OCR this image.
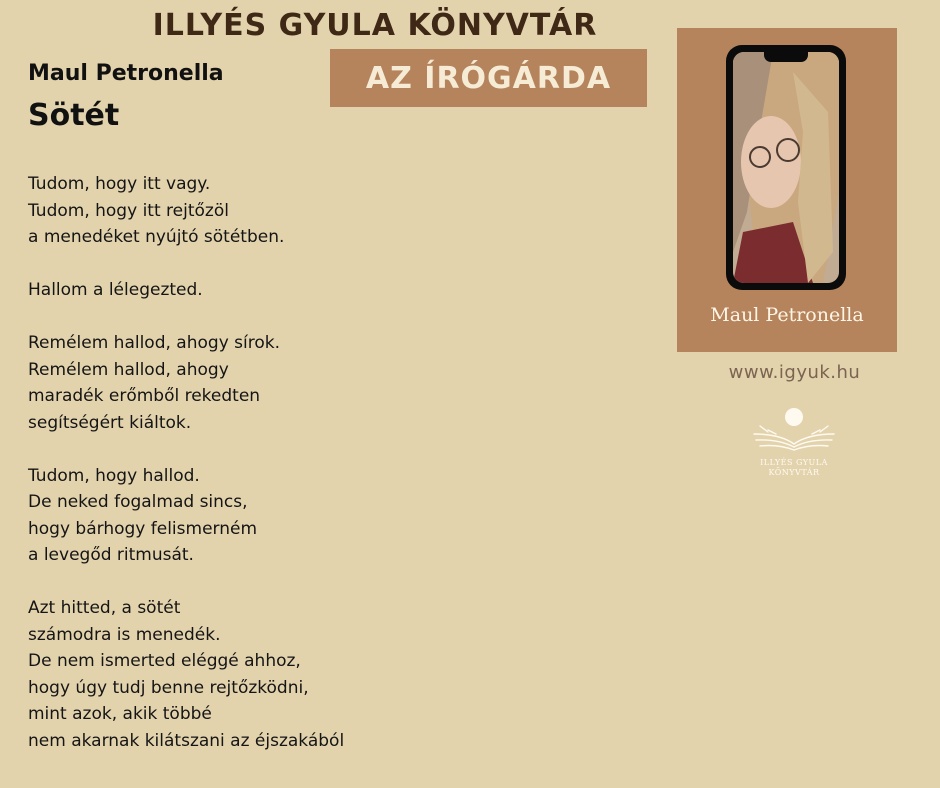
ILLYÉS GYULA KÖNYVTÁR
AZ ÍRÓGÁRDA
Maul Petronella
Sötét
Tudom, hogy itt vagy.
Tudom, hogy itt rejtőzöl
a menedéket nyújtó sötétben.
Hallom a lélegezted.
Remélem hallod, ahogy sírok.
Remélem hallod, ahogy
maradék erőmből rekedten
segítségért kiáltok.
Tudom, hogy hallod.
De neked fogalmad sincs,
hogy bárhogy felismerném
a levegőd ritmusát.
Azt hitted, a sötét
számodra is menedék.
De nem ismerted eléggé ahhoz,
hogy úgy tudj benne rejtőzködni,
mint azok, akik többé
nem akarnak kilátszani az éjszakából
Maul Petronella
www.igyuk.hu
ILLYÉS GYULA
KÖNYVTÁR
